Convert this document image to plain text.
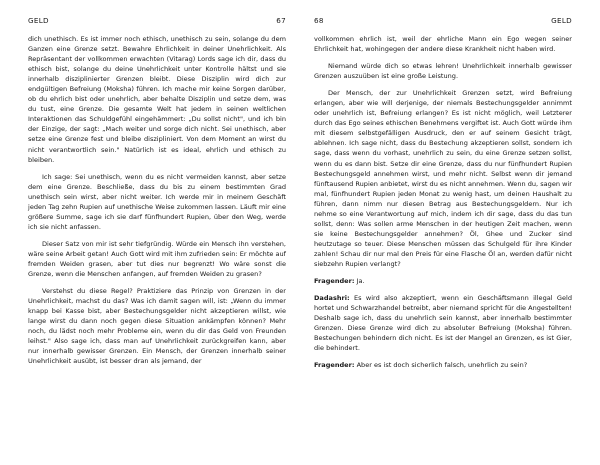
GELD	67

dich unethisch. Es ist immer noch ethisch, unethisch zu sein, solange du dem Ganzen eine Grenze setzt. Bewahre Ehrlichkeit in deiner Unehrlichkeit. Als Repräsentant der vollkommen erwachten (Vitarag) Lords sage ich dir, dass du ethisch bist, solange du deine Unehrlichkeit unter Kontrolle hältst und sie innerhalb disziplinierter Grenzen bleibt. Diese Disziplin wird dich zur endgültigen Befreiung (Moksha) führen. Ich mache mir keine Sorgen darüber, ob du ehrlich bist oder unehrlich, aber behalte Disziplin und setze dem, was du tust, eine Grenze. Die gesamte Welt hat jedem in seinen weltlichen Interaktionen das Schuldgefühl eingehämmert: „Du sollst nicht", und ich bin der Einzige, der sagt: „Mach weiter und sorge dich nicht. Sei unethisch, aber setze eine Grenze fest und bleibe diszipliniert. Von dem Moment an wirst du nicht verantwortlich sein." Natürlich ist es ideal, ehrlich und ethisch zu bleiben.

Ich sage: Sei unethisch, wenn du es nicht vermeiden kannst, aber setze dem eine Grenze. Beschließe, dass du bis zu einem bestimmten Grad unethisch sein wirst, aber nicht weiter. Ich werde mir in meinem Geschäft jeden Tag zehn Rupien auf unethische Weise zukommen lassen. Läuft mir eine größere Summe, sage ich sie darf fünfhundert Rupien, über den Weg, werde ich sie nicht anfassen.

Dieser Satz von mir ist sehr tiefgründig. Würde ein Mensch ihn verstehen, wäre seine Arbeit getan! Auch Gott wird mit ihm zufrieden sein: Er möchte auf fremden Weiden grasen, aber tut dies nur begrenzt! Wo wäre sonst die Grenze, wenn die Menschen anfangen, auf fremden Weiden zu grasen?

Verstehst du diese Regel? Praktiziere das Prinzip von Grenzen in der Unehrlichkeit, machst du das? Was ich damit sagen will, ist: „Wenn du immer knapp bei Kasse bist, aber Bestechungsgelder nicht akzeptieren willst, wie lange wirst du dann noch gegen diese Situation ankämpfen können? Mehr noch, du lädst noch mehr Probleme ein, wenn du dir das Geld von Freunden leihst." Also sage ich, dass man auf Unehrlichkeit zurückgreifen kann, aber nur innerhalb gewisser Grenzen. Ein Mensch, der Grenzen innerhalb seiner Unehrlichkeit ausübt, ist besser dran als jemand, der

68	GELD

vollkommen ehrlich ist, weil der ehrliche Mann ein Ego wegen seiner Ehrlichkeit hat, wohingegen der andere diese Krankheit nicht haben wird.

Niemand würde dich so etwas lehren! Unehrlichkeit innerhalb gewisser Grenzen auszuüben ist eine große Leistung.

Der Mensch, der zur Unehrlichkeit Grenzen setzt, wird Befreiung erlangen, aber wie will derjenige, der niemals Bestechungsgelder annimmt oder unehrlich ist, Befreiung erlangen? Es ist nicht möglich, weil Letzterer durch das Ego seines ethischen Benehmens vergiftet ist. Auch Gott würde ihm mit diesem selbstgefälligen Ausdruck, den er auf seinem Gesicht trägt, ablehnen. Ich sage nicht, dass du Bestechung akzeptieren sollst, sondern ich sage, dass wenn du vorhast, unehrlich zu sein, du eine Grenze setzen sollst, wenn du es dann bist. Setze dir eine Grenze, dass du nur fünfhundert Rupien Bestechungsgeld annehmen wirst, und mehr nicht. Selbst wenn dir jemand fünftausend Rupien anbietet, wirst du es nicht annehmen. Wenn du, sagen wir mal, fünfhundert Rupien jeden Monat zu wenig hast, um deinen Haushalt zu führen, dann nimm nur diesen Betrag aus Bestechungsgeldern. Nur ich nehme so eine Verantwortung auf mich, indem ich dir sage, dass du das tun sollst, denn: Was sollen arme Menschen in der heutigen Zeit machen, wenn sie keine Bestechungsgelder annehmen? Öl, Ghee und Zucker sind heutzutage so teuer. Diese Menschen müssen das Schulgeld für ihre Kinder zahlen! Schau dir nur mal den Preis für eine Flasche Öl an, werden dafür nicht siebzehn Rupien verlangt?

Fragender: Ja.

Dadashri: Es wird also akzeptiert, wenn ein Geschäftsmann illegal Geld hortet und Schwarzhandel betreibt, aber niemand spricht für die Angestellten! Deshalb sage ich, dass du unehrlich sein kannst, aber innerhalb bestimmter Grenzen. Diese Grenze wird dich zu absoluter Befreiung (Moksha) führen. Bestechungen behindern dich nicht. Es ist der Mangel an Grenzen, es ist Gier, die behindert.

Fragender: Aber es ist doch sicherlich falsch, unehrlich zu sein?
